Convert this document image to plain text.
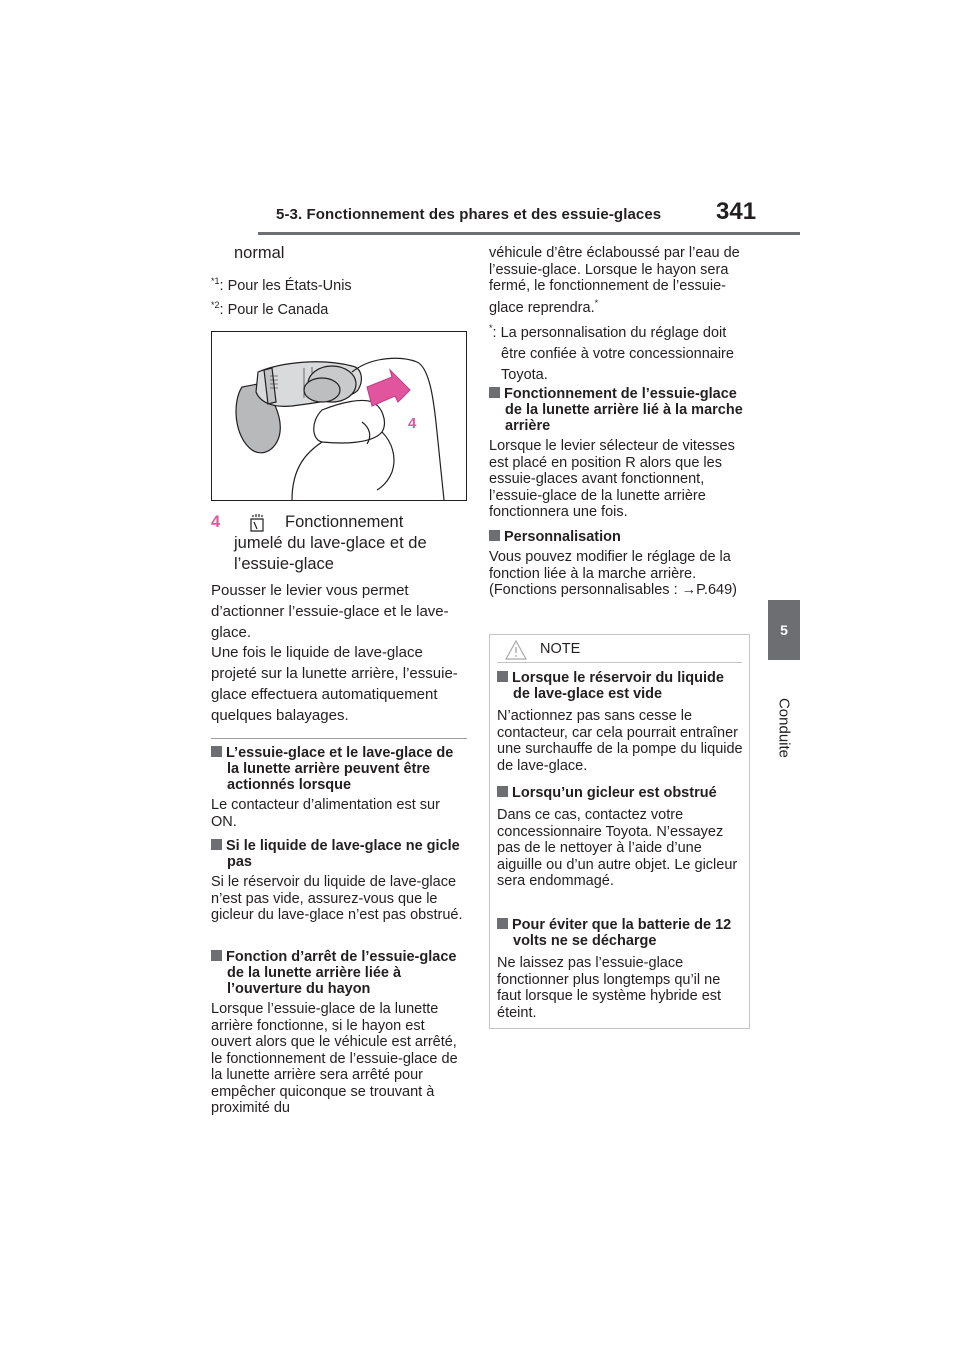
5-3. Fonctionnement des phares et des essuie-glaces 341
5
Conduite
normal
$^{*1}$: Pour les États-Unis
$^{*2}$: Pour le Canada
4
4	Fonctionnement
jumelé du lave-glace et de
l’essuie-glace
Pousser le levier vous permet d’actionner l’essuie-glace et le lave-glace.
Une fois le liquide de lave-glace projeté sur la lunette arrière, l’essuie-glace effectuera automatiquement quelques balayages.
L’essuie-glace et le lave-glace de la lunette arrière peuvent être actionnés lorsque
Le contacteur d’alimentation est sur ON.
Si le liquide de lave-glace ne gicle pas
Si le réservoir du liquide de lave-glace n’est pas vide, assurez-vous que le gicleur du lave-glace n’est pas obstrué.
Fonction d’arrêt de l’essuie-glace de la lunette arrière liée à l’ouverture du hayon
Lorsque l’essuie-glace de la lunette arrière fonctionne, si le hayon est ouvert alors que le véhicule est arrêté, le fonctionnement de l’essuie-glace de la lunette arrière sera arrêté pour empêcher quiconque se trouvant à proximité du
véhicule d’être éclaboussé par l’eau de l’essuie-glace. Lorsque le hayon sera fermé, le fonctionnement de l’essuie-glace reprendra.*
*: La personnalisation du réglage doit être confiée à votre concessionnaire Toyota.
Fonctionnement de l’essuie-glace de la lunette arrière lié à la marche arrière
Lorsque le levier sélecteur de vitesses est placé en position R alors que les essuie-glaces avant fonctionnent, l’essuie-glace de la lunette arrière fonctionnera une fois.
Personnalisation
Vous pouvez modifier le réglage de la fonction liée à la marche arrière. (Fonctions personnalisables : →P.649)
NOTE
Lorsque le réservoir du liquide de lave-glace est vide
N’actionnez pas sans cesse le contacteur, car cela pourrait entraîner une surchauffe de la pompe du liquide de lave-glace.
Lorsqu’un gicleur est obstrué
Dans ce cas, contactez votre concessionnaire Toyota. N’essayez pas de le nettoyer à l’aide d’une aiguille ou d’un autre objet. Le gicleur sera endommagé.
Pour éviter que la batterie de 12 volts ne se décharge
Ne laissez pas l’essuie-glace fonctionner plus longtemps qu’il ne faut lorsque le système hybride est éteint.
